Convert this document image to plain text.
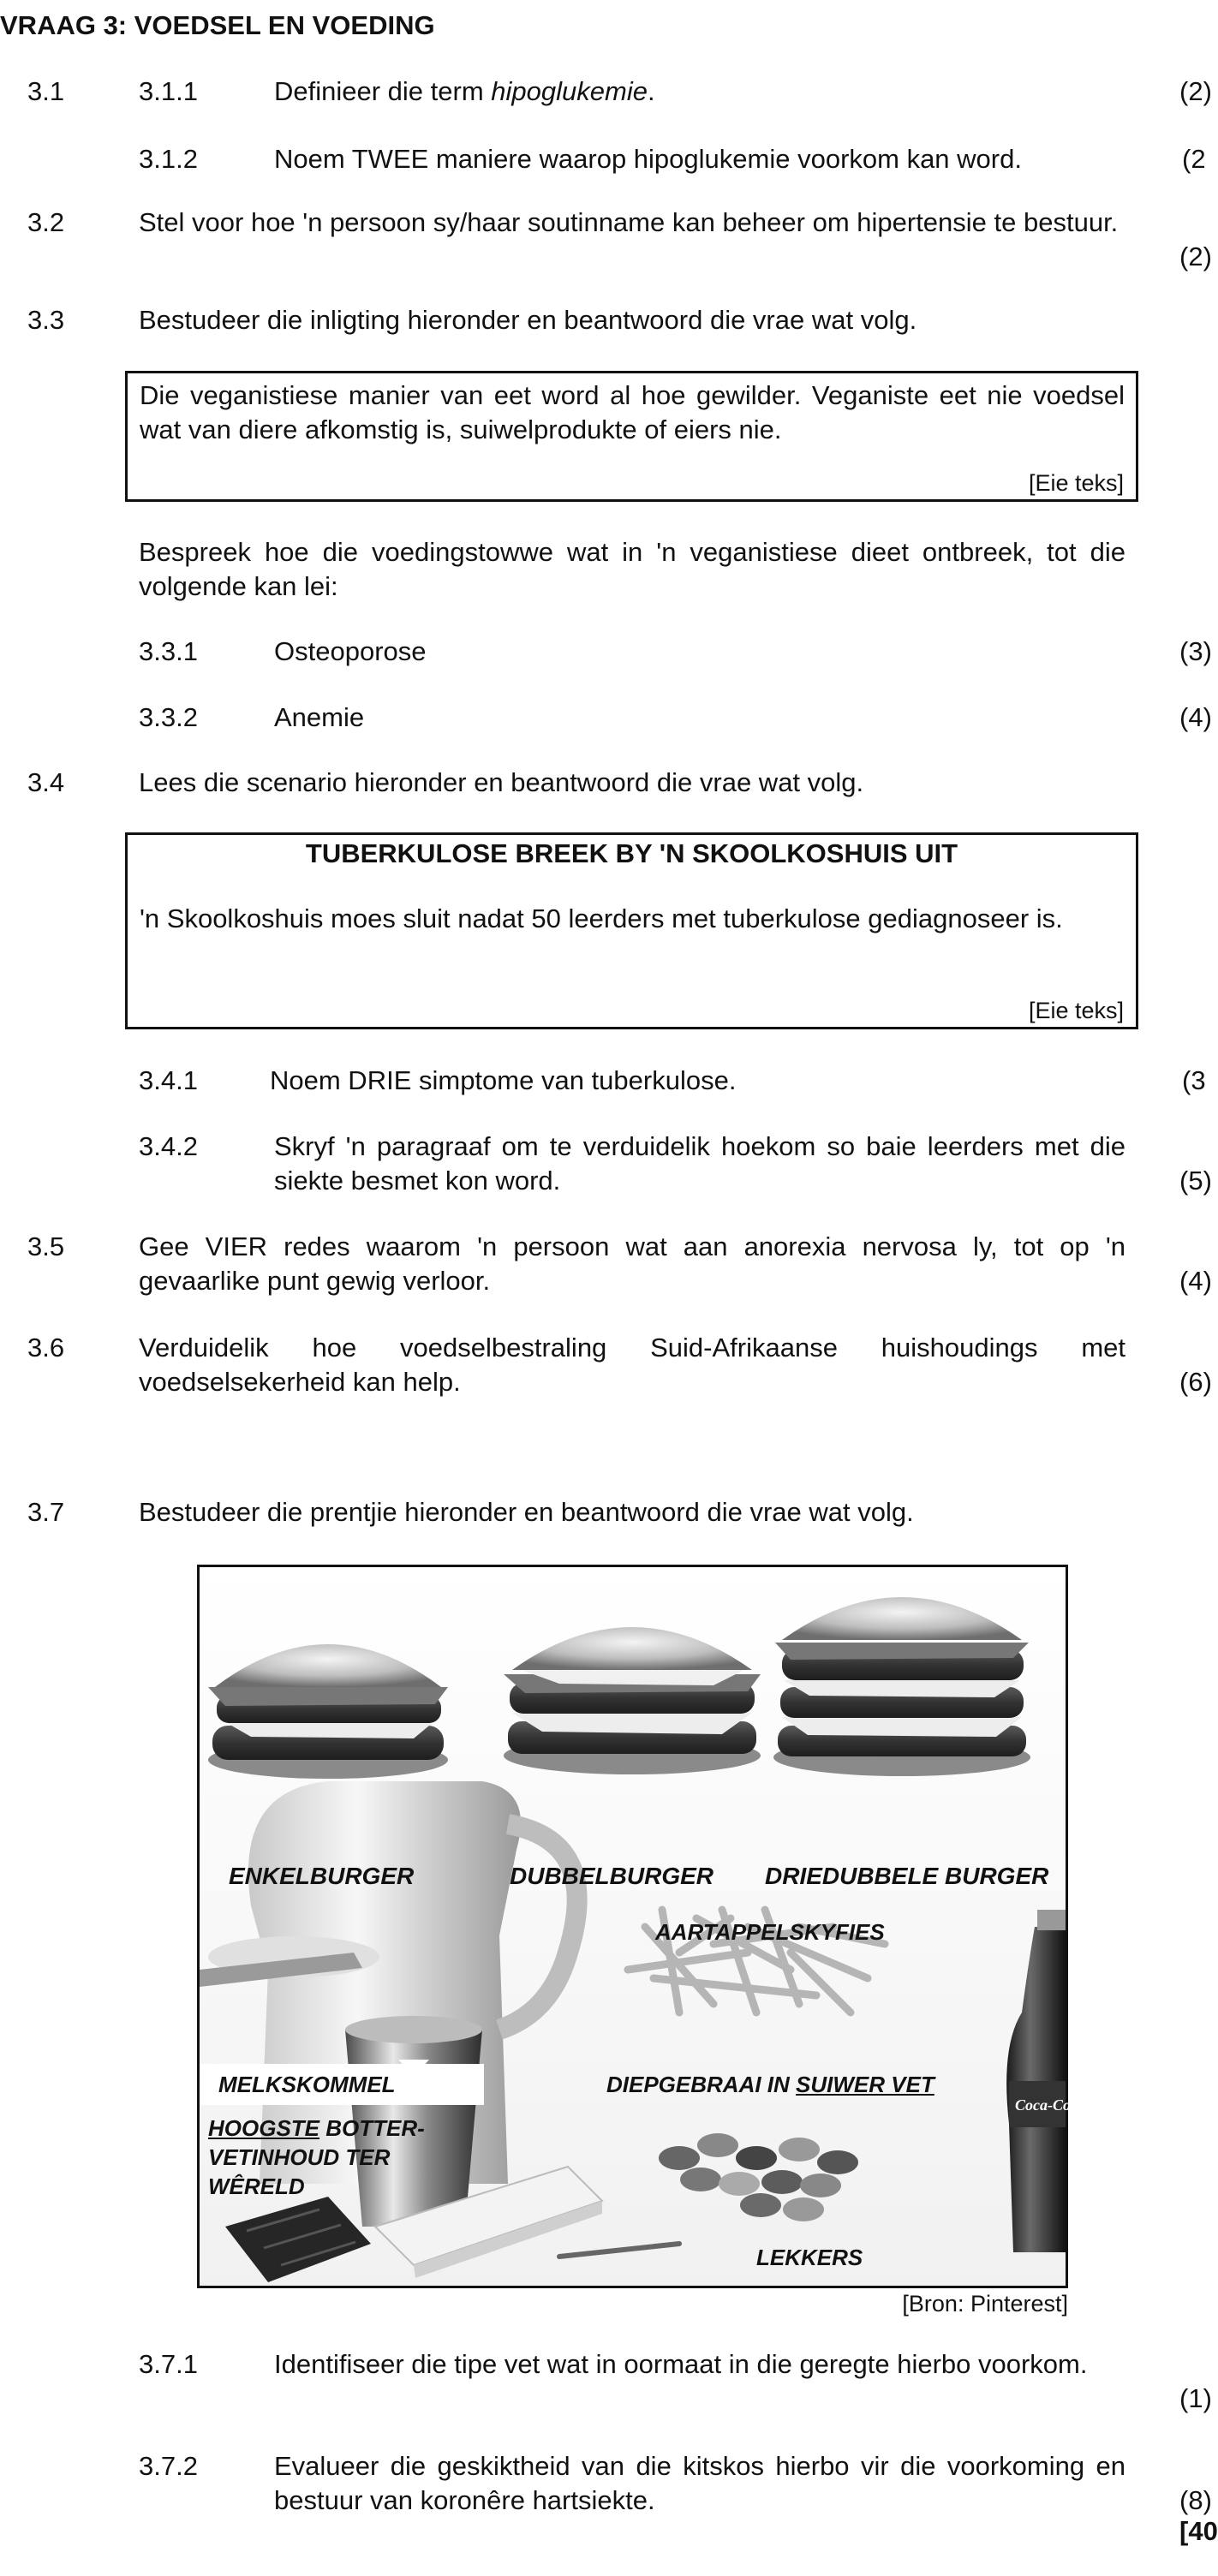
VRAAG 3: VOEDSEL EN VOEDING
3.1	3.1.1	Definieer die term hipoglukemie.	(2)
3.1.2	Noem TWEE maniere waarop hipoglukemie voorkom kan word.	(2
3.2	Stel voor hoe 'n persoon sy/haar soutinname kan beheer om hipertensie te bestuur.
(2)
3.3	Bestudeer die inligting hieronder en beantwoord die vrae wat volg.
Die veganistiese manier van eet word al hoe gewilder. Veganiste eet nie voedsel wat van diere afkomstig is, suiwelprodukte of eiers nie.
[Eie teks]
Bespreek hoe die voedingstowwe wat in 'n veganistiese dieet ontbreek, tot die volgende kan lei:
3.3.1	Osteoporose	(3)
3.3.2	Anemie	(4)
3.4	Lees die scenario hieronder en beantwoord die vrae wat volg.
TUBERKULOSE BREEK BY 'N SKOOLKOSHUIS UIT
'n Skoolkoshuis moes sluit nadat 50 leerders met tuberkulose gediagnoseer is.
[Eie teks]
3.4.1	Noem DRIE simptome van tuberkulose.	(3
3.4.2	Skryf 'n paragraaf om te verduidelik hoekom so baie leerders met die siekte besmet kon word.	(5)
3.5	Gee VIER redes waarom 'n persoon wat aan anorexia nervosa ly, tot op 'n gevaarlike punt gewig verloor.	(4)
3.6	Verduidelik hoe voedselbestraling Suid-Afrikaanse huishoudings met voedselsekerheid kan help.	(6)
3.7	Bestudeer die prentjie hieronder en beantwoord die vrae wat volg.
ENKELBURGER	DUBBELBURGER DRIEDUBBELE BURGER
AARTAPPELSKYFIES
MELKSKOMMEL	DIEPGEBRAAI IN SUIWER VET
HOOGSTE BOTTER-VETINHOUD TER WÊRELD
LEKKERS
Coca-Cola
[Bron: Pinterest]
3.7.1	Identifiseer die tipe vet wat in oormaat in die geregte hierbo voorkom.
(1)
3.7.2	Evalueer die geskiktheid van die kitskos hierbo vir die voorkoming en bestuur van koronêre hartsiekte.	(8)
[40
